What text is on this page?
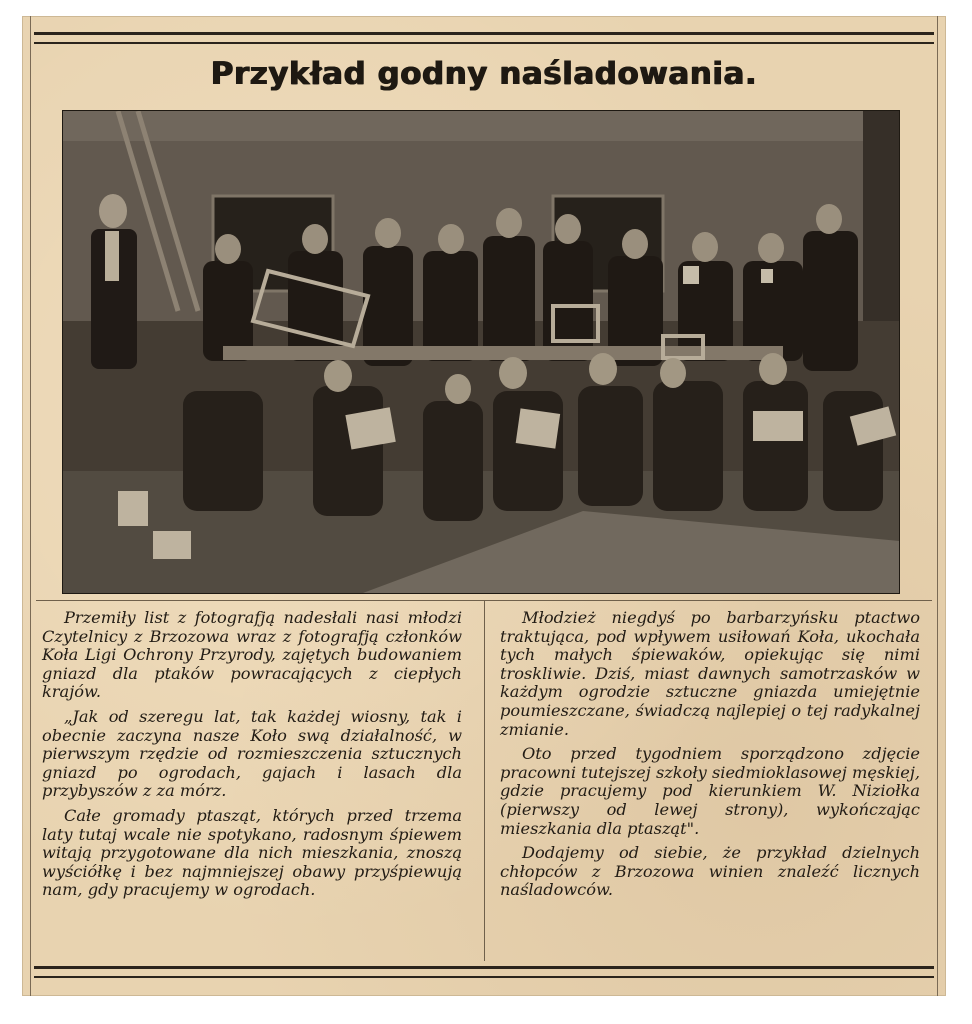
Przykład godny naśladowania.

Przemiły list z fotografją nadesłali nasi młodzi Czytelnicy z Brzozowa wraz z fotografją członków Koła Ligi Ochrony Przyrody, zajętych budowaniem gniazd dla ptaków powracających z ciepłych krajów.

„Jak od szeregu lat, tak każdej wiosny, tak i obecnie zaczyna nasze Koło swą działalność, w pierwszym rzędzie od rozmieszczenia sztucznych gniazd po ogrodach, gajach i lasach dla przybyszów z za mórz.

Całe gromady ptasząt, których przed trzema laty tutaj wcale nie spotykano, radosnym śpiewem witają przygotowane dla nich mieszkania, znoszą wyściółkę i bez najmniejszej obawy przyśpiewują nam, gdy pracujemy w ogrodach.

Młodzież niegdyś po barbarzyńsku ptactwo traktująca, pod wpływem usiłowań Koła, ukochała tych małych śpiewaków, opiekując się nimi troskliwie. Dziś, miast dawnych samotrzasków w każdym ogrodzie sztuczne gniazda umiejętnie poumieszczane, świadczą najlepiej o tej radykalnej zmianie.

Oto przed tygodniem sporządzono zdjęcie pracowni tutejszej szkoły siedmioklasowej męskiej, gdzie pracujemy pod kierunkiem W. Niziołka (pierwszy od lewej strony), wykończając mieszkania dla ptasząt".

Dodajemy od siebie, że przykład dzielnych chłopców z Brzozowa winien znaleźć licznych naśladowców.
